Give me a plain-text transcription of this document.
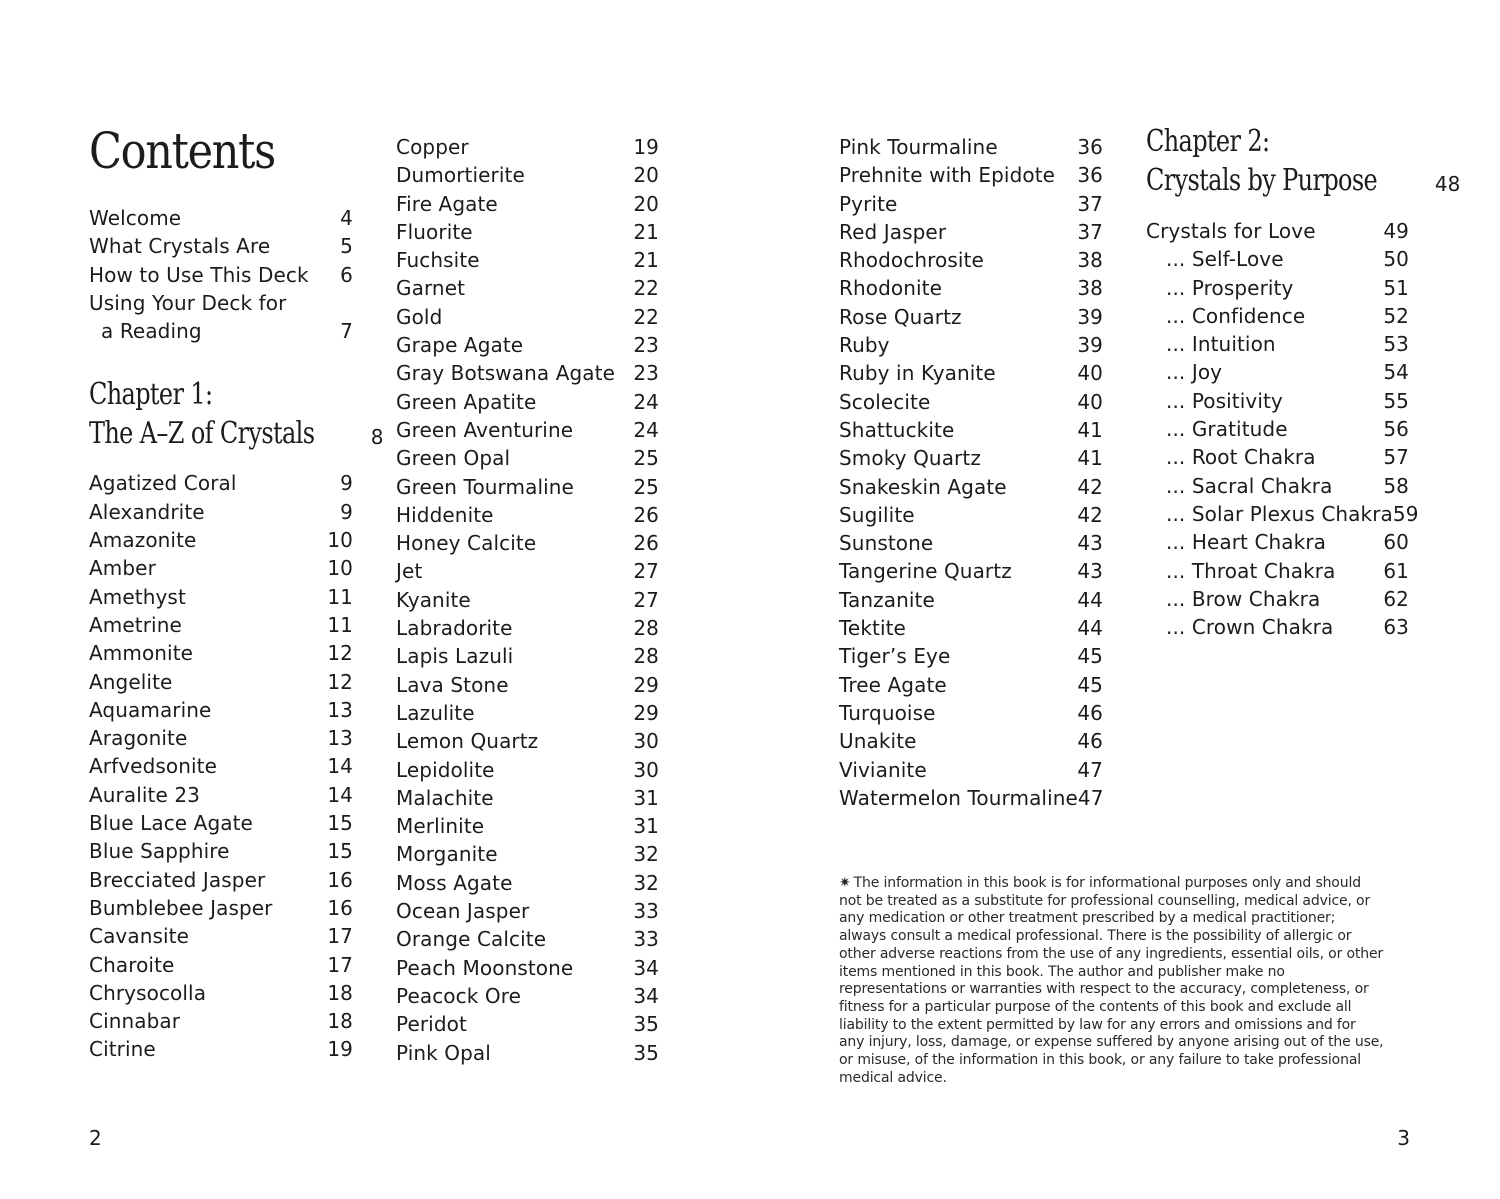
Contents
Welcome	4
What Crystals Are	5
How to Use This Deck 6
Using Your Deck for
a Reading	7
Chapter 1:
The A–Z of Crystals	8
Agatized Coral	9
Alexandrite	9
Amazonite	10
Amber	10
Amethyst	11
Ametrine	11
Ammonite	12
Angelite	12
Aquamarine	13
Aragonite	13
Arfvedsonite	14
Auralite 23	14
Blue Lace Agate	15
Blue Sapphire	15
Brecciated Jasper	16
Bumblebee Jasper	16
Cavansite	17
Charoite	17
Chrysocolla	18
Cinnabar	18
Citrine	19
Copper	19
Dumortierite	20
Fire Agate	20
Fluorite	21
Fuchsite	21
Garnet	22
Gold	22
Grape Agate	23
Gray Botswana Agate 23
Green Apatite	24
Green Aventurine	24
Green Opal	25
Green Tourmaline	25
Hiddenite	26
Honey Calcite	26
Jet	27
Kyanite	27
Labradorite	28
Lapis Lazuli	28
Lava Stone	29
Lazulite	29
Lemon Quartz	30
Lepidolite	30
Malachite	31
Merlinite	31
Morganite	32
Moss Agate	32
Ocean Jasper	33
Orange Calcite	33
Peach Moonstone	34
Peacock Ore	34
Peridot	35
Pink Opal	35
Pink Tourmaline	36
Prehnite with Epidote 36
Pyrite	37
Red Jasper	37
Rhodochrosite	38
Rhodonite	38
Rose Quartz	39
Ruby	39
Ruby in Kyanite	40
Scolecite	40
Shattuckite	41
Smoky Quartz	41
Snakeskin Agate	42
Sugilite	42
Sunstone	43
Tangerine Quartz	43
Tanzanite	44
Tektite	44
Tiger’s Eye	45
Tree Agate	45
Turquoise	46
Unakite	46
Vivianite	47
Watermelon Tourmaline 47
Chapter 2:
Crystals by Purpose	48
Crystals for Love	49
... Self-Love	50
... Prosperity	51
... Confidence	52
... Intuition	53
... Joy	54
... Positivity	55
... Gratitude	56
... Root Chakra	57
... Sacral Chakra	58
... Solar Plexus Chakra 59
... Heart Chakra	60
... Throat Chakra 61
... Brow Chakra	62
... Crown Chakra 63
✷ The information in this book is for informational purposes only and should not be treated as a substitute for professional counselling, medical advice, or any medication or other treatment prescribed by a medical practitioner; always consult a medical professional. There is the possibility of allergic or other adverse reactions from the use of any ingredients, essential oils, or other items mentioned in this book. The author and publisher make no representations or warranties with respect to the accuracy, completeness, or fitness for a particular purpose of the contents of this book and exclude all liability to the extent permitted by law for any errors and omissions and for any injury, loss, damage, or expense suffered by anyone arising out of the use, or misuse, of the information in this book, or any failure to take professional medical advice.
2	3
